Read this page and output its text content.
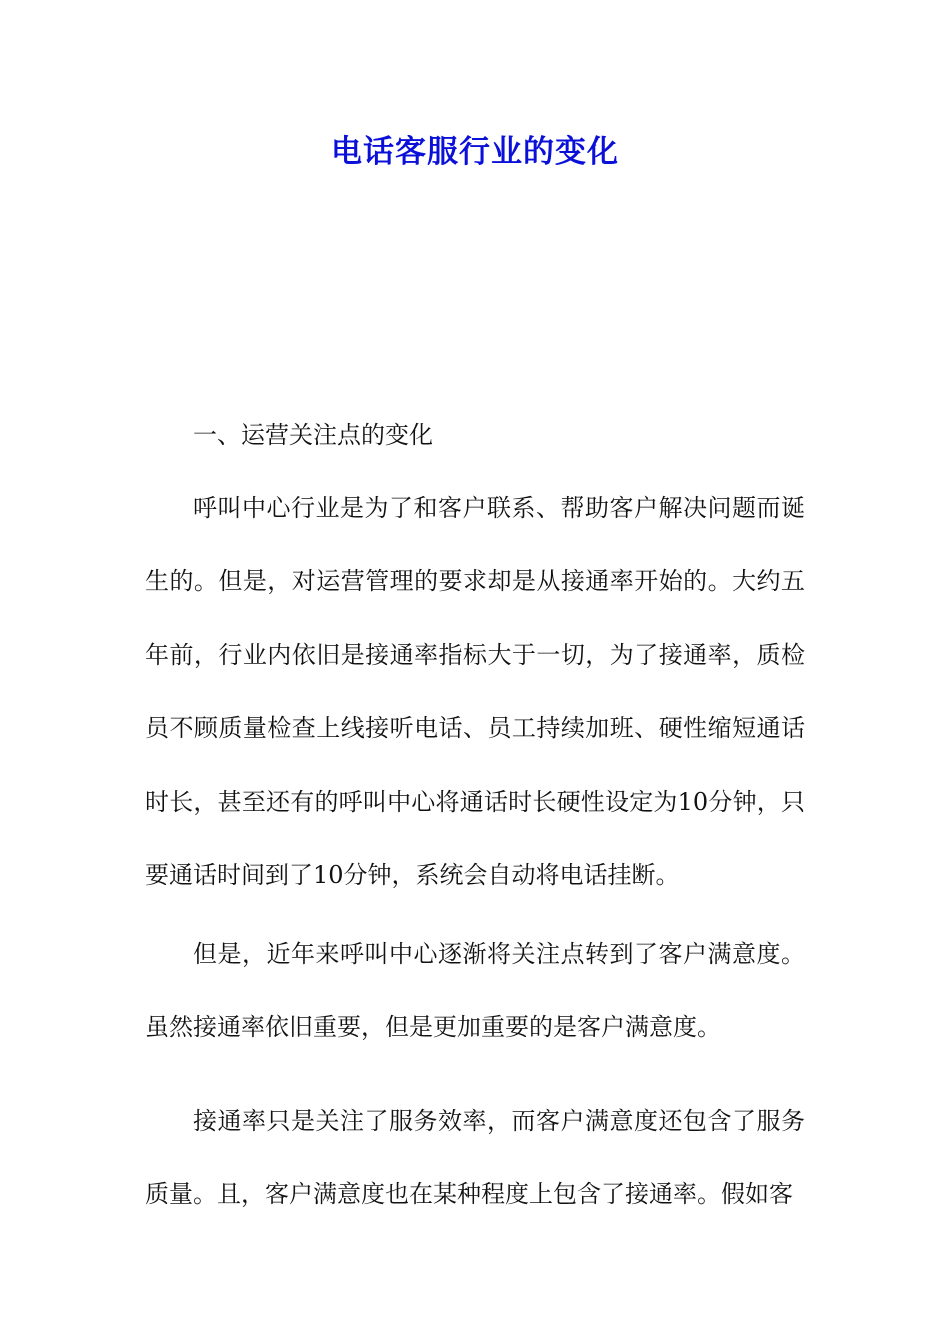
电话客服行业的变化
一、运营关注点的变化

呼叫中心行业是为了和客户联系、帮助客户解决问题而诞生的。但是，对运营管理的要求却是从接通率开始的。大约五年前，行业内依旧是接通率指标大于一切，为了接通率，质检员不顾质量检查上线接听电话、员工持续加班、硬性缩短通话时长，甚至还有的呼叫中心将通话时长硬性设定为10分钟，只要通话时间到了10分钟，系统会自动将电话挂断。

但是，近年来呼叫中心逐渐将关注点转到了客户满意度。虽然接通率依旧重要，但是更加重要的是客户满意度。

接通率只是关注了服务效率，而客户满意度还包含了服务质量。且，客户满意度也在某种程度上包含了接通率。假如客
